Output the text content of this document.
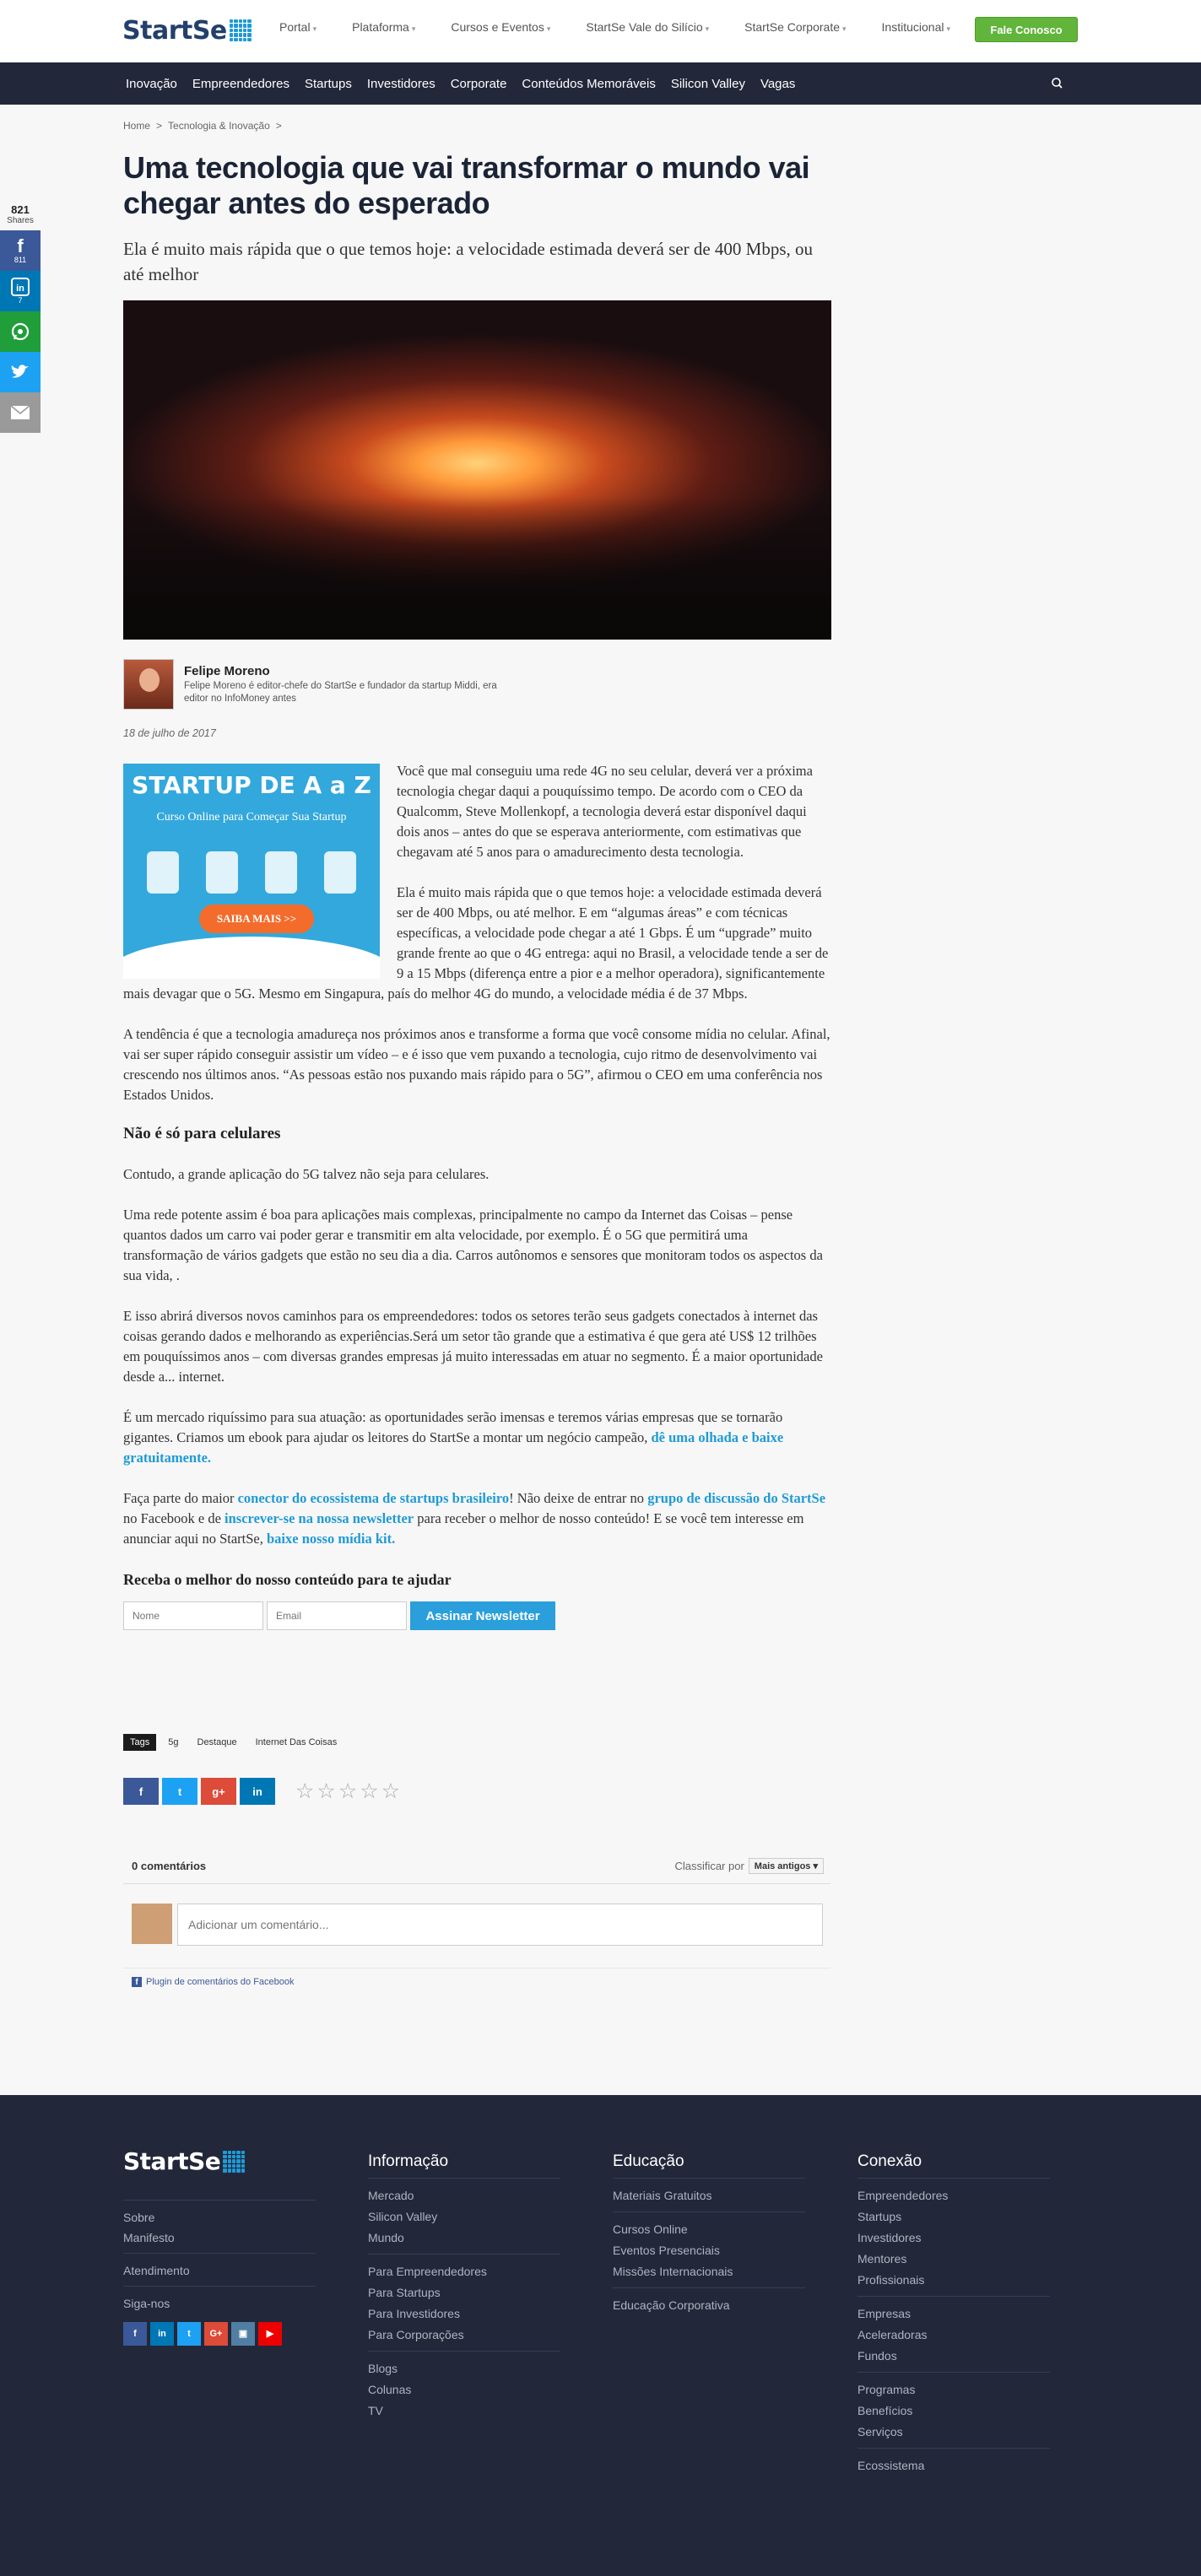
StartSe	Portal ▾	Plataforma ▾	Cursos e Eventos ▾	StartSe Vale do Silício ▾	StartSe Corporate ▾	Institucional ▾	Fale Conosco
Inovação Empreendedores Startups Investidores Corporate Conteúdos Memoráveis Silicon Valley Vagas
821
Shares
f
811
in
7
Home > Tecnologia & Inovação >
Uma tecnologia que vai transformar o mundo vai chegar antes do esperado
Ela é muito mais rápida que o que temos hoje: a velocidade estimada deverá ser de 400 Mbps, ou até melhor
Felipe Moreno
Felipe Moreno é editor-chefe do StartSe e fundador da startup Middi, era editor no InfoMoney antes
18 de julho de 2017
STARTUP DE A a Z
Curso Online para Começar Sua Startup
SAIBA MAIS >>

Você que mal conseguiu uma rede 4G no seu celular, deverá ver a próxima tecnologia chegar daqui a pouquíssimo tempo. De acordo com o CEO da Qualcomm, Steve Mollenkopf, a tecnologia deverá estar disponível daqui dois anos – antes do que se esperava anteriormente, com estimativas que chegavam até 5 anos para o amadurecimento desta tecnologia.

Ela é muito mais rápida que o que temos hoje: a velocidade estimada deverá ser de 400 Mbps, ou até melhor. E em “algumas áreas” e com técnicas específicas, a velocidade pode chegar a até 1 Gbps. É um “upgrade” muito grande frente ao que o 4G entrega: aqui no Brasil, a velocidade tende a ser de 9 a 15 Mbps (diferença entre a pior e a melhor operadora), significantemente mais devagar que o 5G. Mesmo em Singapura, país do melhor 4G do mundo, a velocidade média é de 37 Mbps.

A tendência é que a tecnologia amadureça nos próximos anos e transforme a forma que você consome mídia no celular. Afinal, vai ser super rápido conseguir assistir um vídeo – e é isso que vem puxando a tecnologia, cujo ritmo de desenvolvimento vai crescendo nos últimos anos. “As pessoas estão nos puxando mais rápido para o 5G”, afirmou o CEO em uma conferência nos Estados Unidos.

Não é só para celulares

Contudo, a grande aplicação do 5G talvez não seja para celulares.

Uma rede potente assim é boa para aplicações mais complexas, principalmente no campo da Internet das Coisas – pense quantos dados um carro vai poder gerar e transmitir em alta velocidade, por exemplo. É o 5G que permitirá uma transformação de vários gadgets que estão no seu dia a dia. Carros autônomos e sensores que monitoram todos os aspectos da sua vida, .

E isso abrirá diversos novos caminhos para os empreendedores: todos os setores terão seus gadgets conectados à internet das coisas gerando dados e melhorando as experiências.Será um setor tão grande que a estimativa é que gera até US$ 12 trilhões em pouquíssimos anos – com diversas grandes empresas já muito interessadas em atuar no segmento. É a maior oportunidade desde a... internet.

É um mercado riquíssimo para sua atuação: as oportunidades serão imensas e teremos várias empresas que se tornarão gigantes. Criamos um ebook para ajudar os leitores do StartSe a montar um negócio campeão, dê uma olhada e baixe gratuitamente.

Faça parte do maior conector do ecossistema de startups brasileiro! Não deixe de entrar no grupo de discussão do StartSe no Facebook e de inscrever-se na nossa newsletter para receber o melhor de nosso conteúdo! E se você tem interesse em anunciar aqui no StartSe, baixe nosso mídia kit.

Receba o melhor do nosso conteúdo para te ajudar
Nome
Email
Assinar Newsletter
Tags	5g	Destaque	Internet Das Coisas
f	t	g+	in	☆☆☆☆☆
0 comentários	Classificar por	Mais antigos ▾
Adicionar um comentário...
f Plugin de comentários do Facebook
StartSe
Sobre
Manifesto
Atendimento
Siga-nos
f	in	t	G+	▣	▶
Informação
Mercado
Silicon Valley
Mundo
Para Empreendedores
Para Startups
Para Investidores
Para Corporações
Blogs
Colunas
TV
Educação
Materiais Gratuitos
Cursos Online
Eventos Presenciais
Missões Internacionais
Educação Corporativa
Conexão
Empreendedores
Startups
Investidores
Mentores
Profissionais
Empresas
Aceleradoras
Fundos
Programas
Benefícios
Serviços
Ecossistema
